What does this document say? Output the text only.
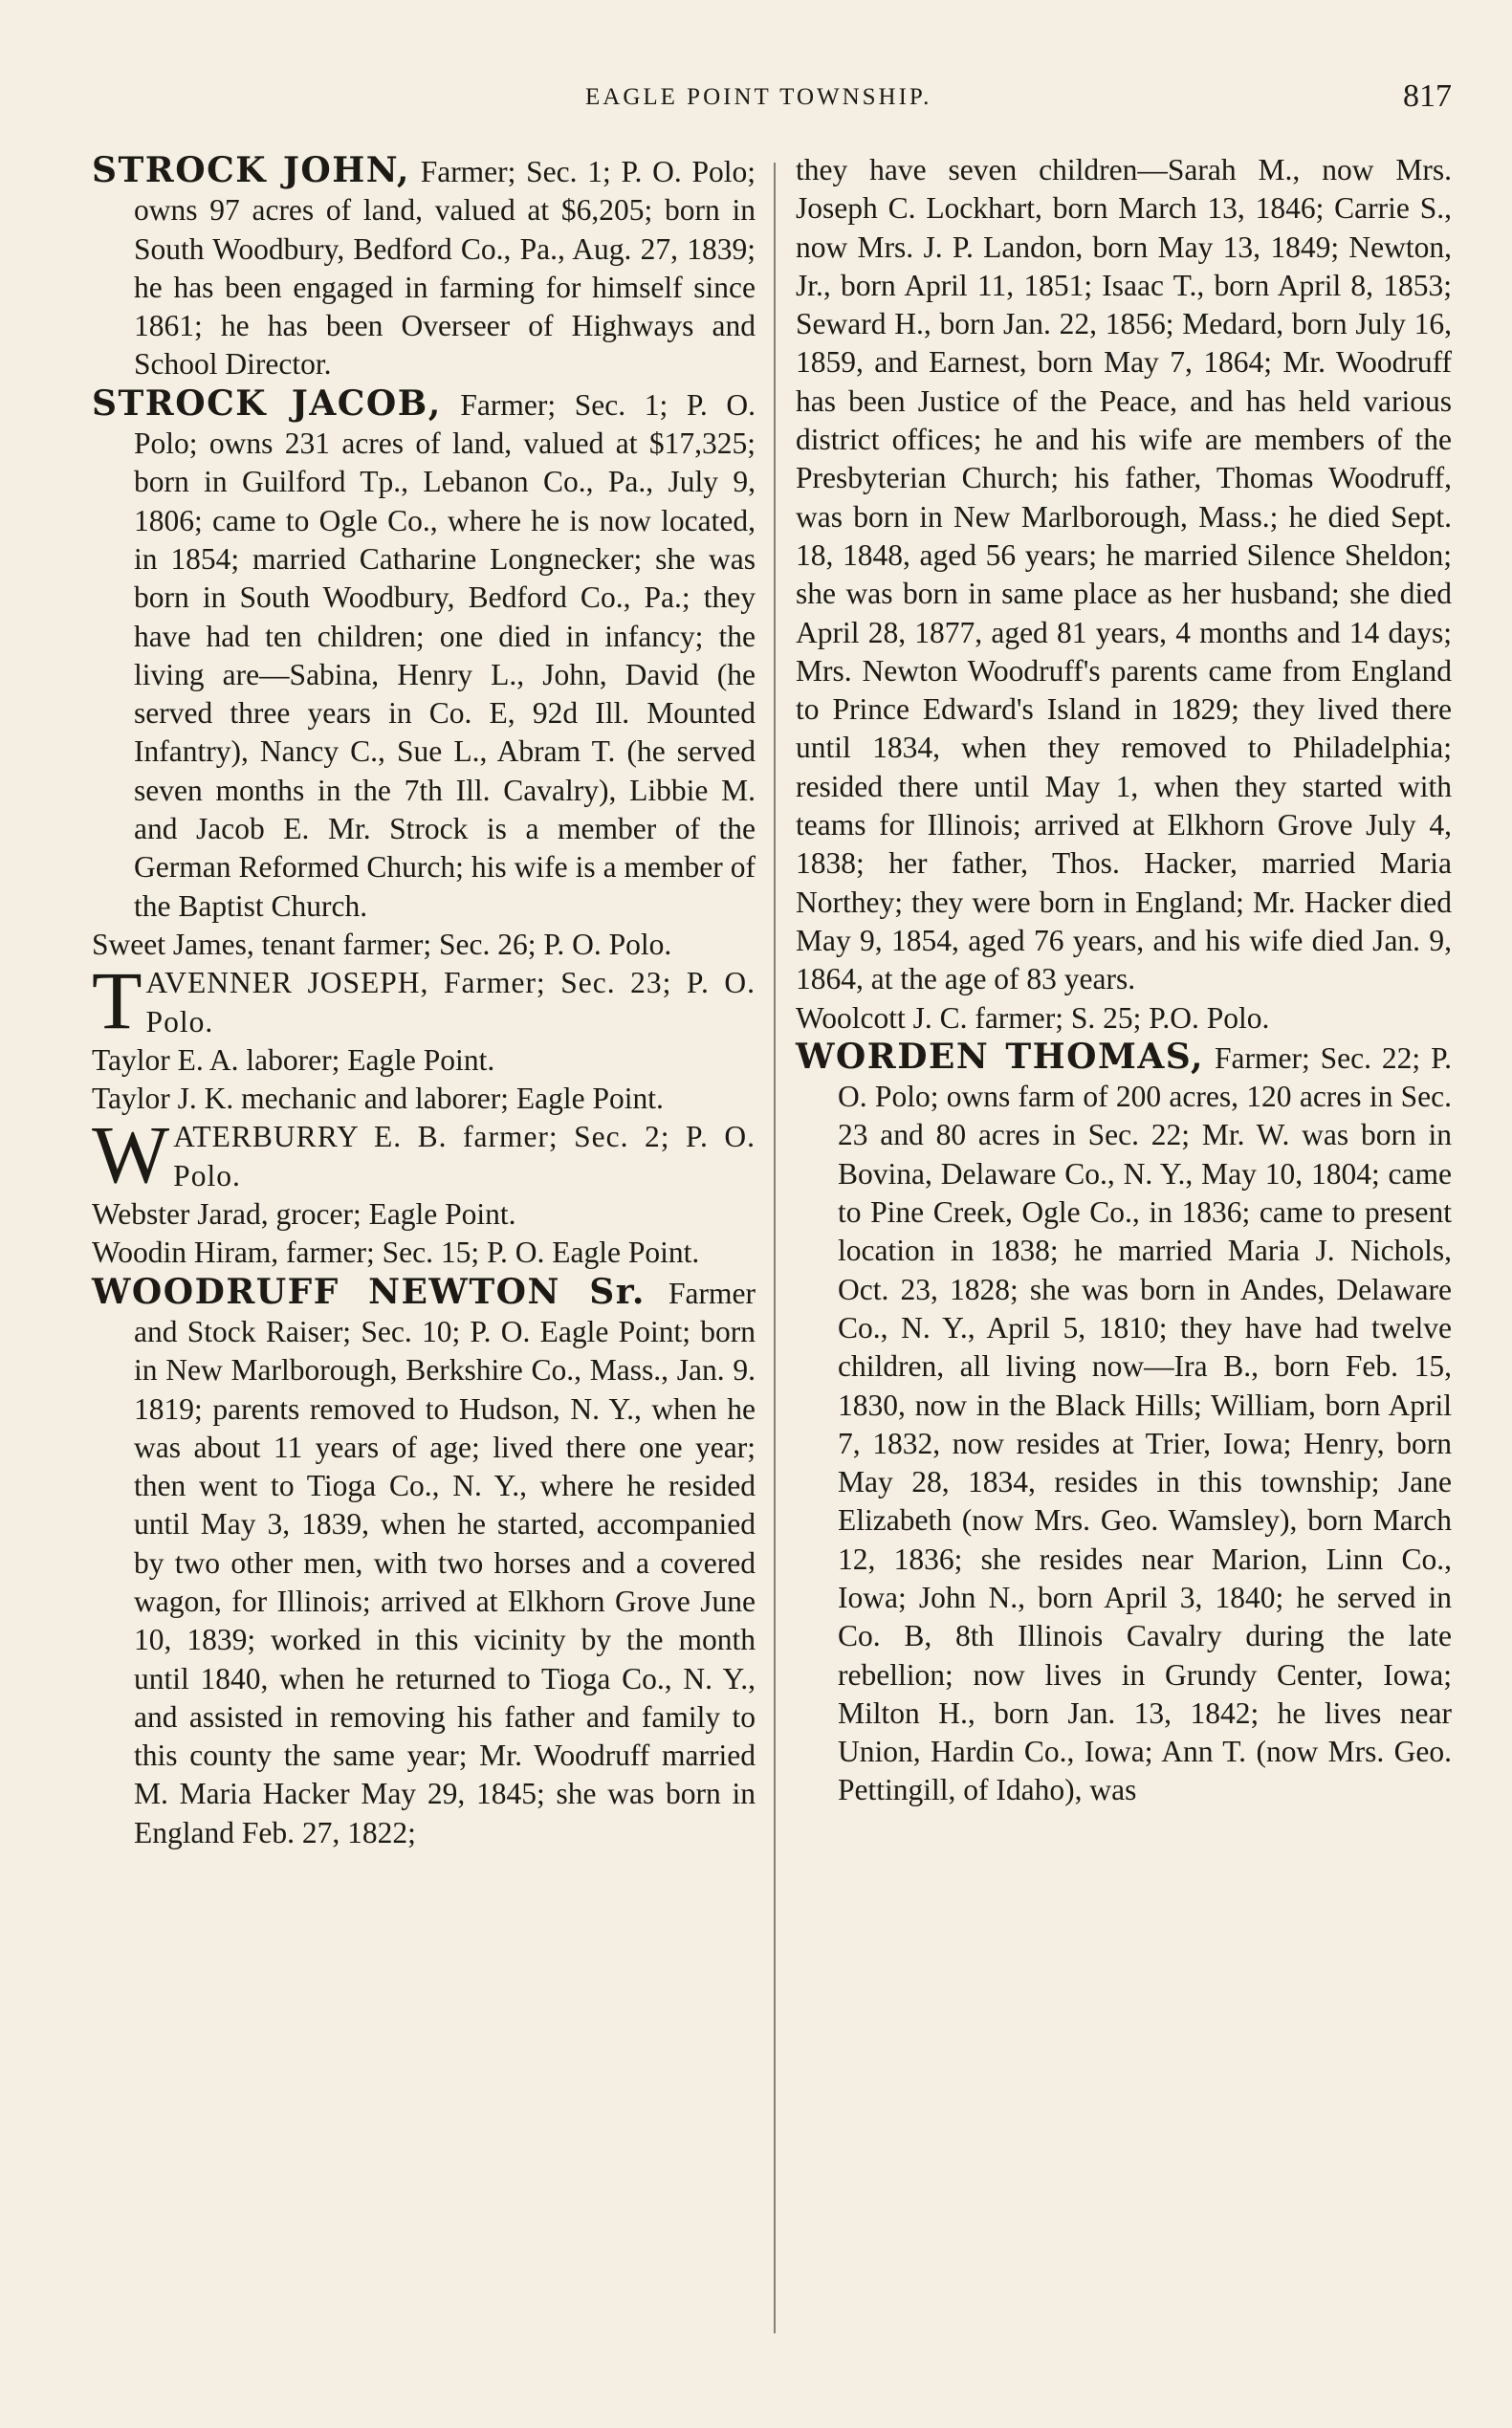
EAGLE POINT TOWNSHIP.	817

STROCK JOHN, Farmer; Sec. 1; P. O. Polo; owns 97 acres of land, valued at $6,205; born in South Woodbury, Bedford Co., Pa., Aug. 27, 1839; he has been engaged in farming for himself since 1861; he has been Overseer of Highways and School Director.

STROCK JACOB, Farmer; Sec. 1; P. O. Polo; owns 231 acres of land, valued at $17,325; born in Guilford Tp., Lebanon Co., Pa., July 9, 1806; came to Ogle Co., where he is now located, in 1854; married Catharine Longnecker; she was born in South Woodbury, Bedford Co., Pa.; they have had ten children; one died in infancy; the living are—Sabina, Henry L., John, David (he served three years in Co. E, 92d Ill. Mounted Infantry), Nancy C., Sue L., Abram T. (he served seven months in the 7th Ill. Cavalry), Libbie M. and Jacob E. Mr. Strock is a member of the German Reformed Church; his wife is a member of the Baptist Church.

Sweet James, tenant farmer; Sec. 26; P. O. Polo.

TAVENNER JOSEPH, Farmer; Sec. 23; P. O. Polo.

Taylor E. A. laborer; Eagle Point.

Taylor J. K. mechanic and laborer; Eagle Point.

WATERBURRY E. B. farmer; Sec. 2; P. O. Polo.

Webster Jarad, grocer; Eagle Point.

Woodin Hiram, farmer; Sec. 15; P. O. Eagle Point.

WOODRUFF NEWTON Sr. Farmer and Stock Raiser; Sec. 10; P. O. Eagle Point; born in New Marlborough, Berkshire Co., Mass., Jan. 9. 1819; parents removed to Hudson, N. Y., when he was about 11 years of age; lived there one year; then went to Tioga Co., N. Y., where he resided until May 3, 1839, when he started, accompanied by two other men, with two horses and a covered wagon, for Illinois; arrived at Elkhorn Grove June 10, 1839; worked in this vicinity by the month until 1840, when he returned to Tioga Co., N. Y., and assisted in removing his father and family to this county the same year; Mr. Woodruff married M. Maria Hacker May 29, 1845; she was born in England Feb. 27, 1822;

they have seven children—Sarah M., now Mrs. Joseph C. Lockhart, born March 13, 1846; Carrie S., now Mrs. J. P. Landon, born May 13, 1849; Newton, Jr., born April 11, 1851; Isaac T., born April 8, 1853; Seward H., born Jan. 22, 1856; Medard, born July 16, 1859, and Earnest, born May 7, 1864; Mr. Woodruff has been Justice of the Peace, and has held various district offices; he and his wife are members of the Presbyterian Church; his father, Thomas Woodruff, was born in New Marlborough, Mass.; he died Sept. 18, 1848, aged 56 years; he married Silence Sheldon; she was born in same place as her husband; she died April 28, 1877, aged 81 years, 4 months and 14 days; Mrs. Newton Woodruff's parents came from England to Prince Edward's Island in 1829; they lived there until 1834, when they removed to Philadelphia; resided there until May 1, when they started with teams for Illinois; arrived at Elkhorn Grove July 4, 1838; her father, Thos. Hacker, married Maria Northey; they were born in England; Mr. Hacker died May 9, 1854, aged 76 years, and his wife died Jan. 9, 1864, at the age of 83 years.

Woolcott J. C. farmer; S. 25; P.O. Polo.

WORDEN THOMAS, Farmer; Sec. 22; P. O. Polo; owns farm of 200 acres, 120 acres in Sec. 23 and 80 acres in Sec. 22; Mr. W. was born in Bovina, Delaware Co., N. Y., May 10, 1804; came to Pine Creek, Ogle Co., in 1836; came to present location in 1838; he married Maria J. Nichols, Oct. 23, 1828; she was born in Andes, Delaware Co., N. Y., April 5, 1810; they have had twelve children, all living now—Ira B., born Feb. 15, 1830, now in the Black Hills; William, born April 7, 1832, now resides at Trier, Iowa; Henry, born May 28, 1834, resides in this township; Jane Elizabeth (now Mrs. Geo. Wamsley), born March 12, 1836; she resides near Marion, Linn Co., Iowa; John N., born April 3, 1840; he served in Co. B, 8th Illinois Cavalry during the late rebellion; now lives in Grundy Center, Iowa; Milton H., born Jan. 13, 1842; he lives near Union, Hardin Co., Iowa; Ann T. (now Mrs. Geo. Pettingill, of Idaho), was
